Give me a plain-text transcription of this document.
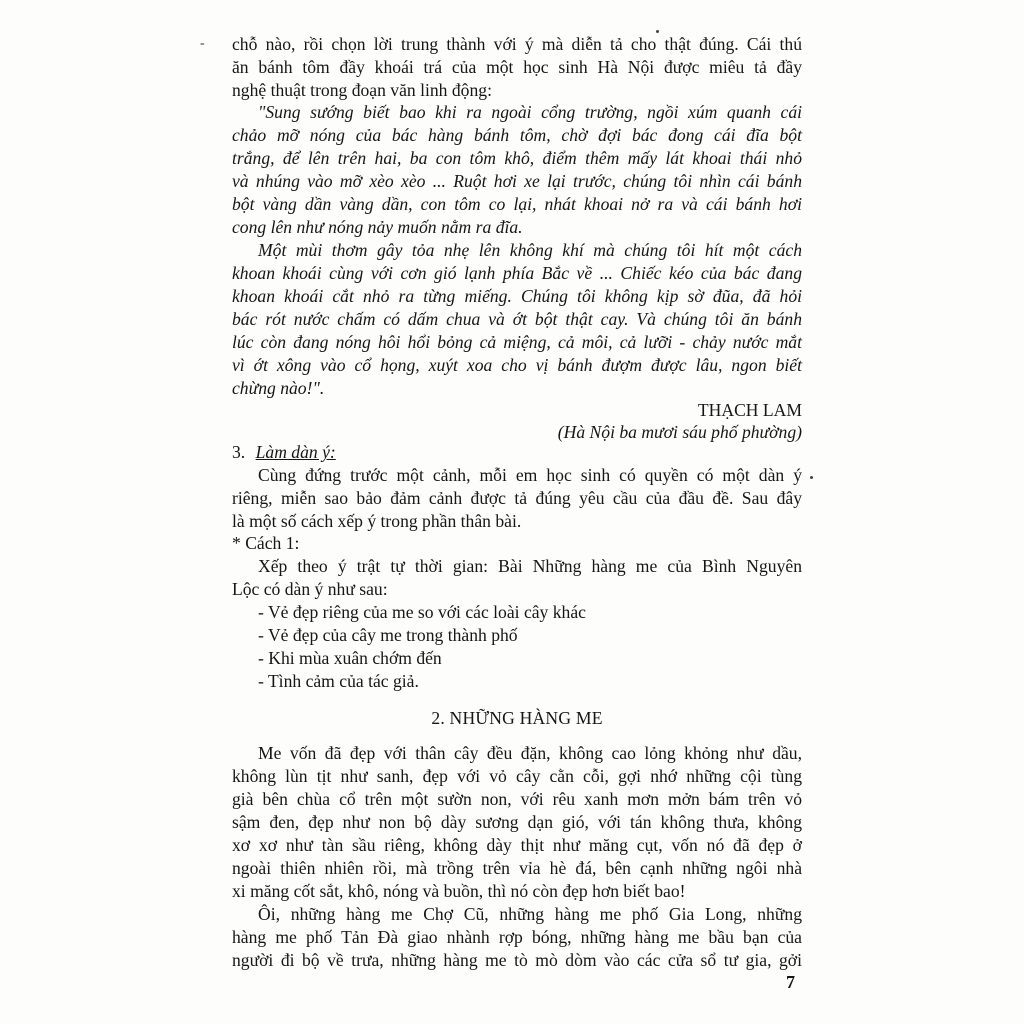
- chỗ nào, rồi chọn lời trung thành với ý mà diễn tả cho thật đúng. Cái thú
ăn bánh tôm đầy khoái trá của một học sinh Hà Nội được miêu tả đầy
nghệ thuật trong đoạn văn linh động:
"Sung sướng biết bao khi ra ngoài cổng trường, ngồi xúm quanh cái
chảo mỡ nóng của bác hàng bánh tôm, chờ đợi bác đong cái đĩa bột
trắng, để lên trên hai, ba con tôm khô, điểm thêm mấy lát khoai thái nhỏ
và nhúng vào mỡ xèo xèo ... Ruột hơi xe lại trước, chúng tôi nhìn cái bánh
bột vàng dần vàng dần, con tôm co lại, nhát khoai nở ra và cái bánh hơi
cong lên như nóng nảy muốn nằm ra đĩa.
Một mùi thơm gây tỏa nhẹ lên không khí mà chúng tôi hít một cách
khoan khoái cùng với cơn gió lạnh phía Bắc về ... Chiếc kéo của bác đang
khoan khoái cắt nhỏ ra từng miếng. Chúng tôi không kịp sờ đũa, đã hỏi
bác rót nước chấm có dấm chua và ớt bột thật cay. Và chúng tôi ăn bánh
lúc còn đang nóng hôi hổi bỏng cả miệng, cả môi, cả lưỡi - chảy nước mắt
vì ớt xông vào cổ họng, xuýt xoa cho vị bánh đượm được lâu, ngon biết
chừng nào!".
THẠCH LAM
(Hà Nội ba mươi sáu phố phường)
3. Làm dàn ý:
Cùng đứng trước một cảnh, mỗi em học sinh có quyền có một dàn ý
riêng, miễn sao bảo đảm cảnh được tả đúng yêu cầu của đầu đề. Sau đây
là một số cách xếp ý trong phần thân bài.
* Cách 1:
Xếp theo ý trật tự thời gian: Bài Những hàng me của Bình Nguyên
Lộc có dàn ý như sau:
- Vẻ đẹp riêng của me so với các loài cây khác
- Vẻ đẹp của cây me trong thành phố
- Khi mùa xuân chớm đến
- Tình cảm của tác giả.
2. NHỮNG HÀNG ME
Me vốn đã đẹp với thân cây đều đặn, không cao lỏng khỏng như dầu,
không lùn tịt như sanh, đẹp với vỏ cây cằn cỗi, gợi nhớ những cội tùng
già bên chùa cổ trên một sườn non, với rêu xanh mơn mởn bám trên vỏ
sậm đen, đẹp như non bộ dày sương dạn gió, với tán không thưa, không
xơ xơ như tàn sầu riêng, không dày thịt như măng cụt, vốn nó đã đẹp ở
ngoài thiên nhiên rồi, mà trồng trên vỉa hè đá, bên cạnh những ngôi nhà
xi măng cốt sắt, khô, nóng và buồn, thì nó còn đẹp hơn biết bao!
Ôi, những hàng me Chợ Cũ, những hàng me phố Gia Long, những
hàng me phố Tản Đà giao nhành rợp bóng, những hàng me bầu bạn của
người đi bộ về trưa, những hàng me tò mò dòm vào các cửa sổ tư gia, gởi
7
